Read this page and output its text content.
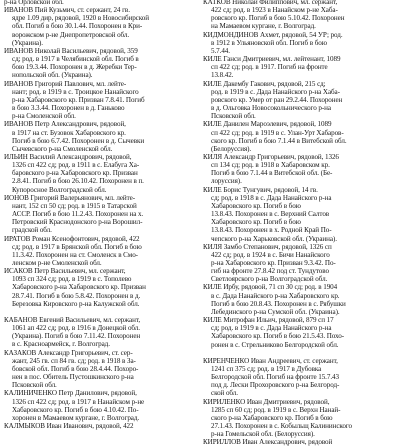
р-на Орловской обл.
ИВАНОВ Пий Кузьмич, ст. сержант, 24 гв.
ядре 1.09 дир, рядовой, 1920 в Новосибирской
обл. Погиб в бою 30.1.44. Похоронен в Кри-
ворожском р-не Днепропетровской обл.
(Украина).
ИВАНОВ Николай Васильевич, рядовой, 359
сд; род. в 1917 в Челябинской обл. Погиб в
бою 19.3.44. Похоронен в д. Жеребки Тер-
нопольской обл. (Украина).
ИВАНОВ Григорий Павлович, мл. лейте-
нант; род. в 1919 в с. Троицкое Нанайского
р-на Хабаровского кр. Призван 7.8.41. Погиб
в бою 3.3.44. Похоронен в д. Ганьково
р-на Смоленской обл.
ИВАНОВ Петр Александрович, рядовой,
в 1917 на ст. Бузовок Хабаровского кр.
Погиб в бою 6.7.42. Похоронен в д. Сычевки
Сычевского р-на Смоленской обл.
ИЛЬИН Василий Александрович, рядовой,
1326 сп 422 сд; род. в 1911 в с. Елабуга Ха-
баровского р-на Хабаровского кр. Призван
2.8.41. Погиб в бою 26.10.42. Похоронен в п.
Купоросное Волгоградской обл.
ИОНОВ Григорий Валерьянович, мл. лейте-
нант, 152 сп 50 сд; род. в 1915 в Татарской
АССР. Погиб в бою 11.2.43. Похоронен на х.
Петровский Краснодонского р-на Ворошил-
градской обл.
ИРАТОВ Роман Ксенофонтович, рядовой, 422
сд; род. в 1917 в Брянской обл. Погиб в бою
11.3.42. Похоронен на ст. Смоленск в Смо-
ленском р-не Смоленской обл.
ИСАКОВ Петр Васильевич, мл. сержант,
1093 сп 324 сд; род. в 1919 в с. Тополево
Хабаровского р-на Хабаровского кр. Призван
28.7.41. Погиб в бою 5.8.42. Похоронен в д.
Березовка Кировского р-на Калужской обл.
КАБАНОВ Евгений Васильевич, мл. сержант,
1061 ап 422 сд; род. в 1916 в Донецкой обл.
(Украина). Погиб в бою 7.11.42. Похоронен
в с. Красноармейск, г. Волгоград.
КАЗАКОВ Александр Григорьевич, ст. сер-
жант, 245 гв. сп 84 гв. сд; род. в 1918 в За-
бовской обл. Погиб в бою 28.4.44. Похоро-
нен в пос. Обитель Пустошкинского р-на
Псковской обл.
КАЛИНИЧЕНКО Петр Данилович, рядовой,
1326 сп 422 сд; род. в 1917 в Нанайском р-не
Хабаровского кр. Погиб в бою 4.10.42. По-
хоронен в Мамаевом кургане, г. Волгоград.
КАЛМЫКОВ Иван Иванович, рядовой, 422
КАТКОВ Николай Филиппович, мл. сержант,
422 сд; род. в 1923 в Нанайском р-не Хаба-
ровского кр. Погиб в бою 5.10.42. Похоронен
на Мамаевом кургане, г. Волгоград.
КИДМОНДИНОВ Ахмет, рядовой, 54 УР; род.
в 1912 в Ульяновской обл. Погиб в бою
5.7.44.
КИЛЕ Ганси Дмитриевич, мл. лейтенант, 1089
сп 422 сд; род. в 1917. Погиб на фронте
13.8.42.
КИЛЕ Дакембу Гакович, рядовой, 215 сд;
род. в 1919 в с. Дада Нанайского р-на Хаба-
ровского кр. Умер от ран 29.2.44. Похоронен
в д. Ольговка Новосокольнического р-на
Псковской обл.
КИЛЕ Данилен Мароэлевич, рядовой, 1089
сп 422 сд; род. в 1919 в с. Улан-Урт Хабаров-
ского кр. Погиб в бою 7.1.44 в Витебской обл.
(Белоруссия).
КИЛЯ Александр Григорьевич, рядовой, 1326
сп 134 сд; род. в 1918 в Хабаровском кр.
Погиб в бою 7.1.44 в Витебской обл. (Бе-
лоруссия).
КИЛЕ Борис Тунгувич, рядовой, 14 гв.
сд; род. в 1918 в с. Дада Нанайского р-на
Хабаровского кр. Погиб в бою
13.8.43. Похоронен в с. Верхний Салтов
Хабаровского кр. Погиб в бою
13.8.43. Похоронен в х. Родной Край По-
чепского р-на Харьковской обл. (Украина).
КИЛЯ Замбо Степанович, рядовой, 1326 сп
422 сд; род. в 1924 в с. Бичи Нанайского
р-на Хабаровского кр. Призван 9.3.42. По-
гиб на фронте 27.8.42 под ст. Тундутово
Светлоярского р-на Волгоградской обл.
КИЛЕ Ирбу, рядовой, 71 сп 30 сд; род. в 1904
в с. Дада Нанайского р-на Хабаровского кр.
Погиб в бою 20.8.43. Похоронен в с. Рябушки
Лебединского р-на Сумской обл. (Украина).
КИЛЕ Митрофан Ильич, рядовой, 879 сп 17
сд; род. в 1919 в с. Дада Нанайского р-на
Хабаровского кр. Погиб в бою 21.5.43. Похо-
ронен в с. Стрельниково Белгородской обл.
КИРЕНЧЕНКО Иван Андреевич, ст. сержант,
1241 сп 375 сд; род. в 1917 в Дубовка
Белгородской обл. Погиб на фронте 15.7.43
под д. Лески Прохоровского р-на Белгород-
ской обл.
КИРИЛЕНКО Иван Дмитриевич, рядовой,
1285 сп 60 сд; род. в 1919 в с. Верхн Нанай-
ского р-на Хабаровского кр. Погиб в бою
27.1.43. Похоронен в с. Кобыльщ Калининского
р-на Гомельской обл. (Белоруссия).
КИРИЛЛОВ Иван Александрович, рядовой
